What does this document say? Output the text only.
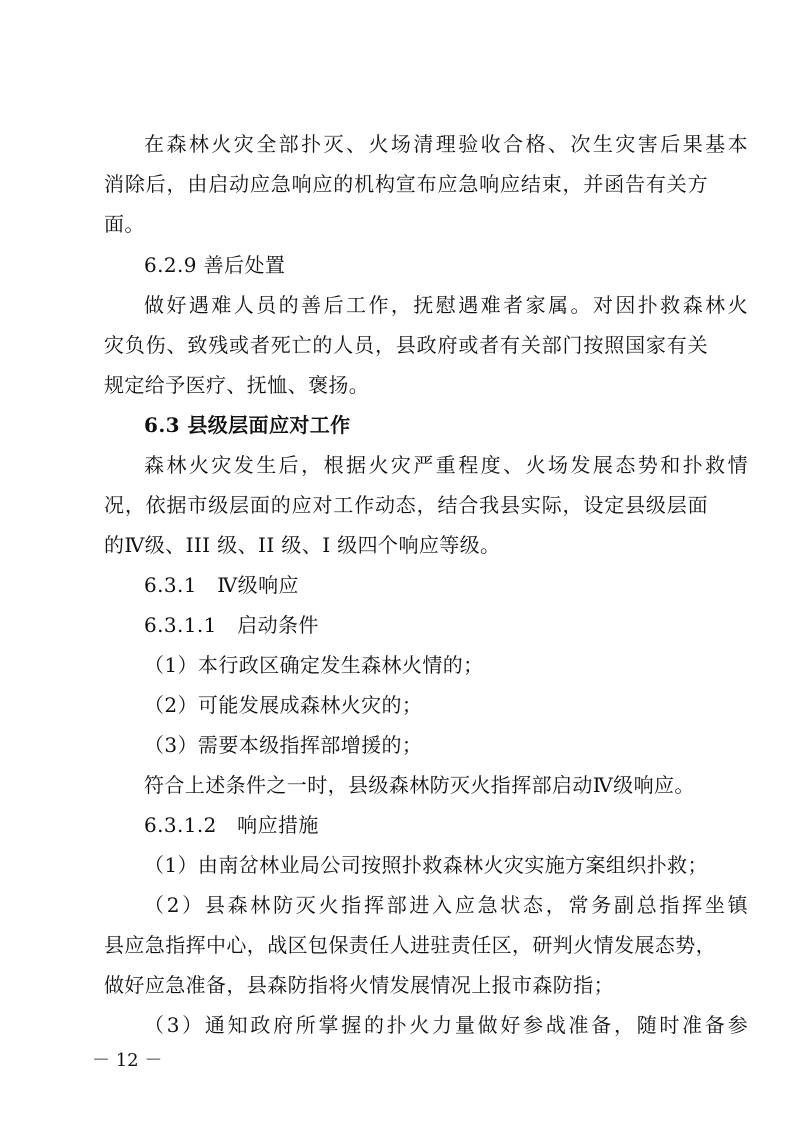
在森林火灾全部扑灭、火场清理验收合格、次生灾害后果基本
消除后，由启动应急响应的机构宣布应急响应结束，并函告有关方
面。
6.2.9 善后处置
做好遇难人员的善后工作，抚慰遇难者家属。对因扑救森林火
灾负伤、致残或者死亡的人员，县政府或者有关部门按照国家有关
规定给予医疗、抚恤、褒扬。
6.3 县级层面应对工作
森林火灾发生后，根据火灾严重程度、火场发展态势和扑救情
况，依据市级层面的应对工作动态，结合我县实际，设定县级层面
的Ⅳ级、III 级、II 级、I 级四个响应等级。
6.3.1　Ⅳ级响应
6.3.1.1　启动条件
（1）本行政区确定发生森林火情的；
（2）可能发展成森林火灾的；
（3）需要本级指挥部增援的；
符合上述条件之一时，县级森林防灭火指挥部启动Ⅳ级响应。
6.3.1.2　响应措施
（1）由南岔林业局公司按照扑救森林火灾实施方案组织扑救；
（2）县森林防灭火指挥部进入应急状态，常务副总指挥坐镇
县应急指挥中心，战区包保责任人进驻责任区，研判火情发展态势，
做好应急准备，县森防指将火情发展情况上报市森防指；
（3）通知政府所掌握的扑火力量做好参战准备，随时准备参
－ 12 －
